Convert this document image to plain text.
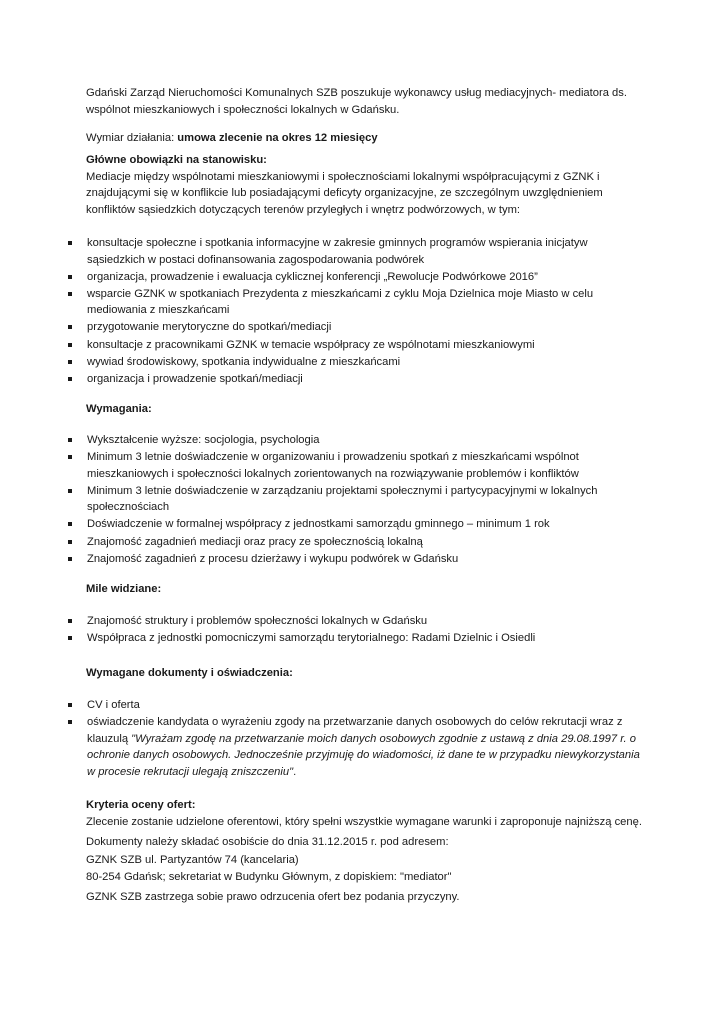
Gdański Zarząd Nieruchomości Komunalnych SZB poszukuje wykonawcy usług mediacyjnych- mediatora ds. wspólnot mieszkaniowych i społeczności lokalnych w Gdańsku.

Wymiar działania: umowa zlecenie na okres 12 miesięcy

Główne obowiązki na stanowisku:

Mediacje między wspólnotami mieszkaniowymi i społecznościami lokalnymi współpracującymi z GZNK i znajdującymi się w konflikcie lub posiadającymi deficyty organizacyjne, ze szczególnym uwzględnieniem konfliktów sąsiedzkich dotyczących terenów przyległych i wnętrz podwórzowych, w tym:

konsultacje społeczne i spotkania informacyjne w zakresie gminnych programów wspierania inicjatyw sąsiedzkich w postaci dofinansowania zagospodarowania podwórek
organizacja, prowadzenie i ewaluacja cyklicznej konferencji „Rewolucje Podwórkowe 2016”
wsparcie GZNK w spotkaniach Prezydenta z mieszkańcami z cyklu Moja Dzielnica moje Miasto w celu mediowania z mieszkańcami
przygotowanie merytoryczne do spotkań/mediacji
konsultacje z pracownikami GZNK w temacie współpracy ze wspólnotami mieszkaniowymi
wywiad środowiskowy, spotkania indywidualne z mieszkańcami
organizacja i prowadzenie spotkań/mediacji

Wymagania:

Wykształcenie wyższe: socjologia, psychologia
Minimum 3 letnie doświadczenie w organizowaniu i prowadzeniu spotkań z mieszkańcami wspólnot mieszkaniowych i społeczności lokalnych zorientowanych na rozwiązywanie problemów i konfliktów
Minimum 3 letnie doświadczenie w zarządzaniu projektami społecznymi i partycypacyjnymi w lokalnych społecznościach
Doświadczenie w formalnej współpracy z jednostkami samorządu gminnego – minimum 1 rok
Znajomość zagadnień mediacji oraz pracy ze społecznością lokalną
Znajomość zagadnień z procesu dzierżawy i wykupu podwórek w Gdańsku

Mile widziane:

Znajomość struktury i problemów społeczności lokalnych w Gdańsku
Współpraca z jednostki pomocniczymi samorządu terytorialnego: Radami Dzielnic i Osiedli

Wymagane dokumenty i oświadczenia:

CV i oferta
oświadczenie kandydata o wyrażeniu zgody na przetwarzanie danych osobowych do celów rekrutacji wraz z klauzulą "Wyrażam zgodę na przetwarzanie moich danych osobowych zgodnie z ustawą z dnia 29.08.1997 r. o ochronie danych osobowych. Jednocześnie przyjmuję do wiadomości, iż dane te w przypadku niewykorzystania w procesie rekrutacji ulegają zniszczeniu".

Kryteria oceny ofert:

Zlecenie zostanie udzielone oferentowi, który spełni wszystkie wymagane warunki i zaproponuje najniższą cenę.

Dokumenty należy składać osobiście do dnia 31.12.2015 r. pod adresem:

GZNK SZB ul. Partyzantów 74 (kancelaria)

80-254 Gdańsk; sekretariat w Budynku Głównym, z dopiskiem: "mediator"

GZNK SZB zastrzega sobie prawo odrzucenia ofert bez podania przyczyny.
